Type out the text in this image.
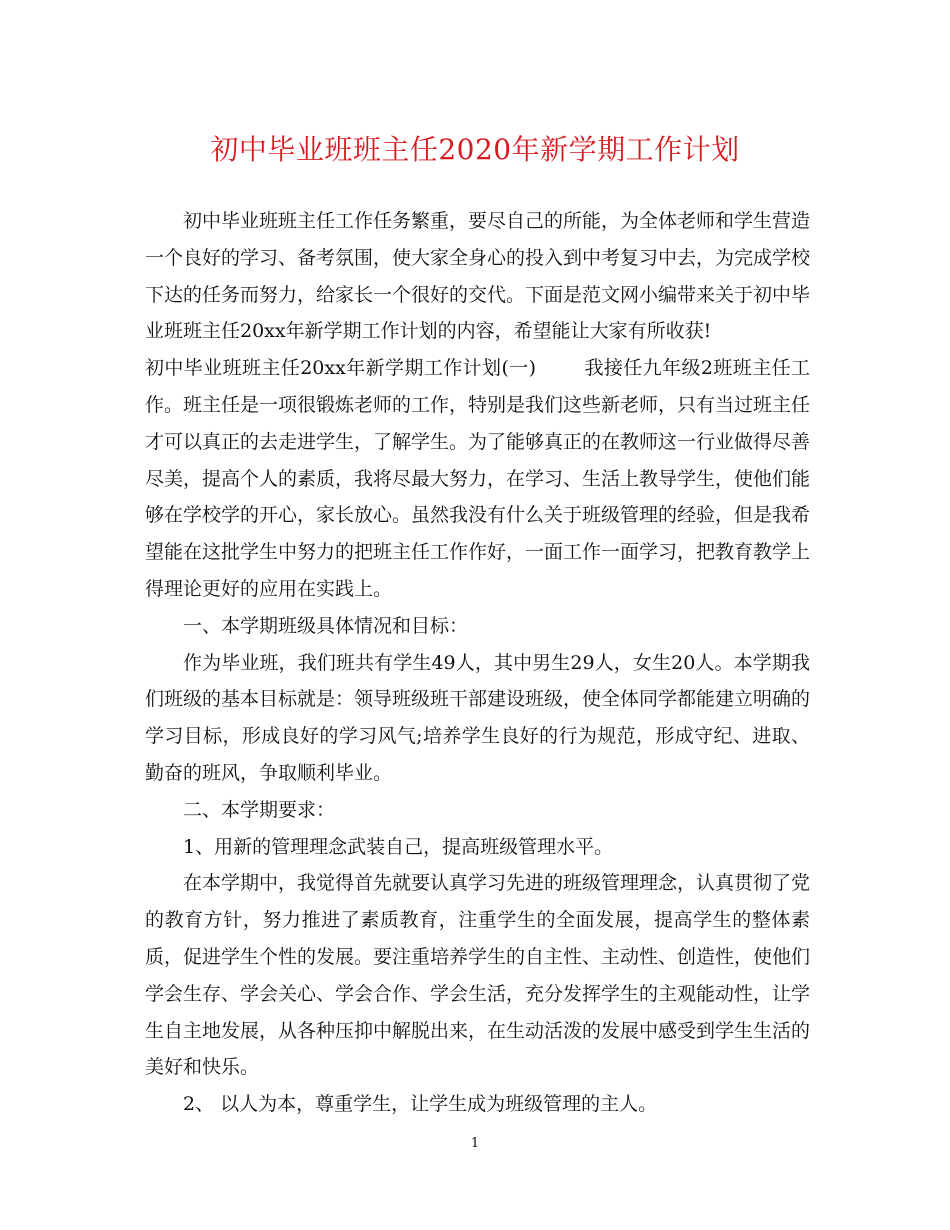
初中毕业班班主任2020年新学期工作计划

初中毕业班班主任工作任务繁重，要尽自己的所能，为全体老师和学生营造一个良好的学习、备考氛围，使大家全身心的投入到中考复习中去，为完成学校下达的任务而努力，给家长一个很好的交代。下面是范文网小编带来关于初中毕业班班主任20xx年新学期工作计划的内容，希望能让大家有所收获!

初中毕业班班主任20xx年新学期工作计划(一)	我接任九年级2班班主任工作。班主任是一项很锻炼老师的工作，特别是我们这些新老师，只有当过班主任才可以真正的去走进学生，了解学生。为了能够真正的在教师这一行业做得尽善尽美，提高个人的素质，我将尽最大努力，在学习、生活上教导学生，使他们能够在学校学的开心，家长放心。虽然我没有什么关于班级管理的经验，但是我希望能在这批学生中努力的把班主任工作作好，一面工作一面学习，把教育教学上得理论更好的应用在实践上。

一、本学期班级具体情况和目标：

作为毕业班，我们班共有学生49人，其中男生29人，女生20人。本学期我们班级的基本目标就是：领导班级班干部建设班级，使全体同学都能建立明确的学习目标，形成良好的学习风气;培养学生良好的行为规范，形成守纪、进取、勤奋的班风，争取顺利毕业。

二、本学期要求：

1、用新的管理理念武装自己，提高班级管理水平。

在本学期中，我觉得首先就要认真学习先进的班级管理理念，认真贯彻了党的教育方针，努力推进了素质教育，注重学生的全面发展，提高学生的整体素质，促进学生个性的发展。要注重培养学生的自主性、主动性、创造性，使他们学会生存、学会关心、学会合作、学会生活，充分发挥学生的主观能动性，让学生自主地发展，从各种压抑中解脱出来，在生动活泼的发展中感受到学生生活的美好和快乐。

2、 以人为本，尊重学生，让学生成为班级管理的主人。

1
